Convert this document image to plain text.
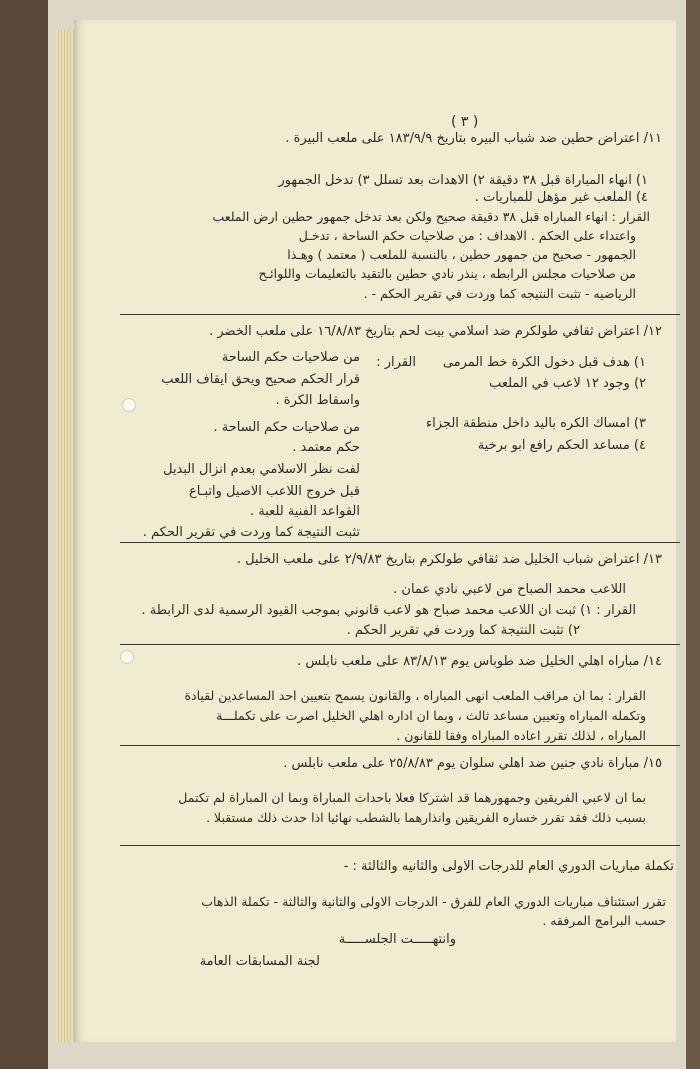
( ٣ )
١١/ اعتراض حطين ضد شباب البيره بتاريخ ١٨٣/٩/٩ على ملعب البيرة .
١) انهاء المباراة قبل ٣٨ دقيقة ٢) الاهدات بعد تسلل ٣) تدخل الجمهور
٤) الملعب غير مؤهل للمباريات .
القرار : انهاء المباراه قبل ٣٨ دقيقة صحيح ولكن بعد تدخل جمهور حطين ارض الملعب
واعتداء على الحكم . الاهداف : من صلاحيات حكم الساحة ، تدخـل
الجمهور - صحيح من جمهور حطين ، بالنسبة للملعب ( معتمد ) وهـذا
من صلاحيات مجلس الرابطه ، ينذر نادي حطين بالتقيد بالتعليمات واللوائـح
الرياضيه - تثبت النتيجه كما وردت في تقرير الحكم - .
١٢/ اعتراض ثقافي طولكرم ضد اسلامي بيت لحم بتاريخ ١٦/٨/٨٣ على ملعب الخضر .
القرار : ١) هدف قبل دخول الكرة خط المرمى
٢) وجود ١٢ لاعب في الملعب
٣) امساك الكره باليد داخل منطقة الجزاء
٤) مساعد الحكم رافع ابو برخية
من صلاحيات حكم الساحة
قرار الحكم صحيح ويحق ايقاف اللعب
واسقاط الكرة .
من صلاحيات حكم الساحة .
حكم معتمد .
لفت نظر الاسلامي بعدم انزال البديل
قبل خروج اللاعب الاصيل واتبـاع
القواعد الفنية للعبة .
تثبت النتيجة كما وردت في تقرير الحكم .
١٣/ اعتراض شباب الخليل ضد ثقافي طولكرم بتاريخ ٢/٩/٨٣ على ملعب الخليل .
اللاعب محمد الصباح من لاعبي نادي عمان .
القرار : ١) ثبت ان اللاعب محمد صباح هو لاعب قانوني بموجب القيود الرسمية لدى الرابطة .
٢) تثبت النتيجة كما وردت في تقرير الحكم .
١٤/ مباراه اهلي الخليل ضد طوباس يوم ٨٣/٨/١٣ على ملعب نابلس .
القرار : بما ان مراقب الملعب انهى المباراه ، والقانون يسمح بتعيين احد المساعدين لقيادة
وتكمله المباراه وتعيين مساعد ثالث ، وبما ان اداره اهلي الخليل اصرت على تكملـــة
المباراه ، لذلك تقرر اعاده المباراه وفقا للقانون .
١٥/ مباراة نادي جنين ضد اهلي سلوان يوم ٢٥/٨/٨٣ على ملعب نابلس .
بما ان لاعبي الفريقين وجمهورهما قد اشتركا فعلا باحداث المباراة وبما ان المباراة لم تكتمل
بسبب ذلك فقد تقرر خساره الفريقين وانذارهما بالشطب نهائيا اذا حدث ذلك مستقبلا .
تكملة مباريات الدوري العام للدرجات الاولى والثانيه والثالثة : -
تقرر استئناف مباريات الدوري العام للفرق - الدرجات الاولى والثانية والثالثة - تكملة الذهاب
حسب البرامج المرفقه .
وانتهـــــت الجلســـــة
لجنة المسابقات العامة
